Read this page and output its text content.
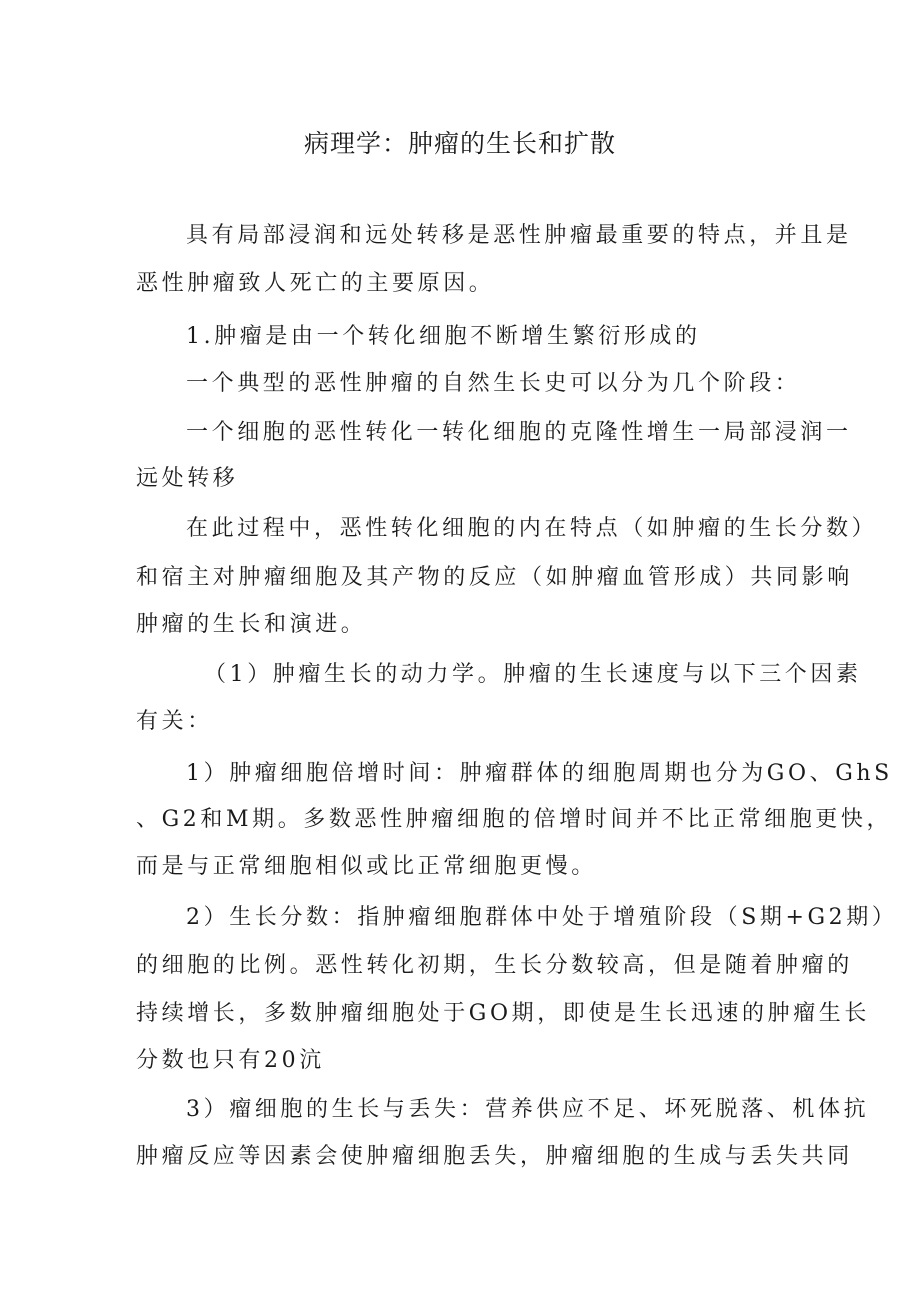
病理学：肿瘤的生长和扩散
具有局部浸润和远处转移是恶性肿瘤最重要的特点，并且是
恶性肿瘤致人死亡的主要原因。
1.肿瘤是由一个转化细胞不断增生繁衍形成的
一个典型的恶性肿瘤的自然生长史可以分为几个阶段：
一个细胞的恶性转化一转化细胞的克隆性增生一局部浸润一
远处转移
在此过程中，恶性转化细胞的内在特点（如肿瘤的生长分数）
和宿主对肿瘤细胞及其产物的反应（如肿瘤血管形成）共同影响
肿瘤的生长和演进。
（1）肿瘤生长的动力学。肿瘤的生长速度与以下三个因素
有关：
1）肿瘤细胞倍增时间：肿瘤群体的细胞周期也分为GO、GhS
、G2和M期。多数恶性肿瘤细胞的倍增时间并不比正常细胞更快，
而是与正常细胞相似或比正常细胞更慢。
2）生长分数：指肿瘤细胞群体中处于增殖阶段（S期+G2期）
的细胞的比例。恶性转化初期，生长分数较高，但是随着肿瘤的
持续增长，多数肿瘤细胞处于GO期，即使是生长迅速的肿瘤生长
分数也只有20沆
3）瘤细胞的生长与丢失：营养供应不足、坏死脱落、机体抗
肿瘤反应等因素会使肿瘤细胞丢失，肿瘤细胞的生成与丢失共同
